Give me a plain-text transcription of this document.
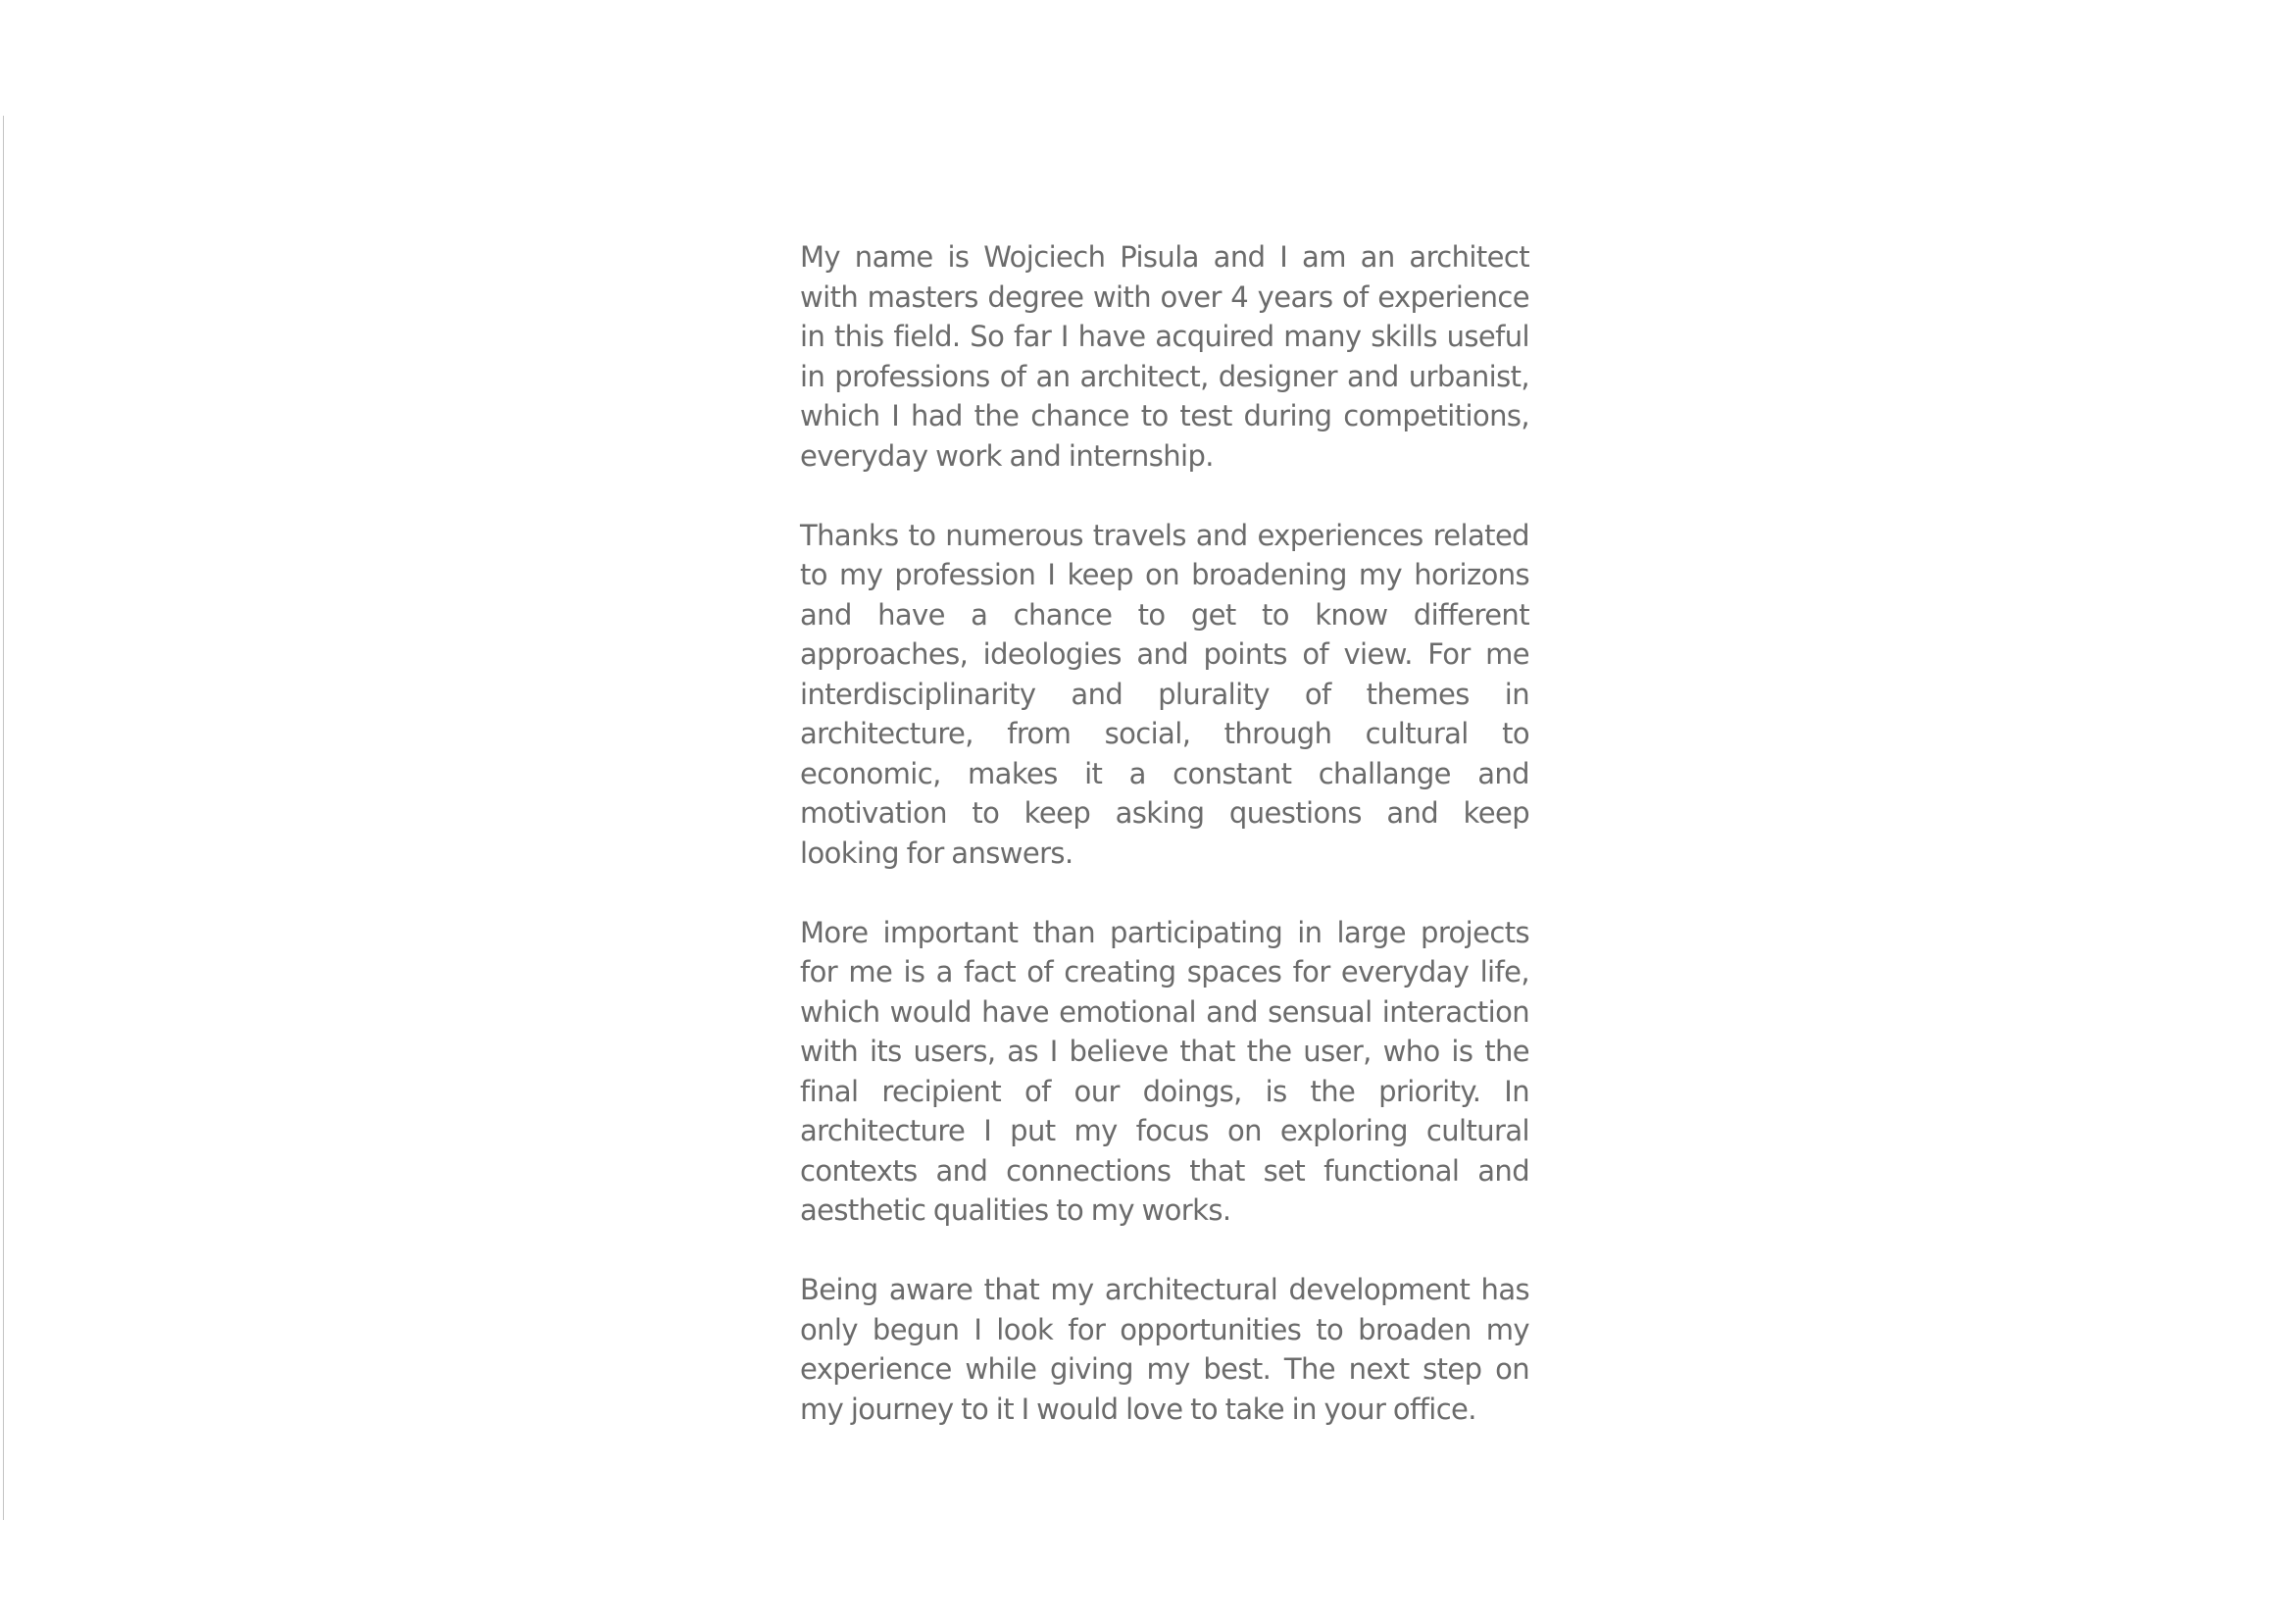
My name is Wojciech Pisula and I am an architect with masters degree with over 4 years of experience in this field. So far I have acquired many skills useful in professions of an architect, designer and urbanist, which I had the chance to test during competitions, everyday work and internship.

Thanks to numerous travels and experiences related to my profession I keep on broadening my horizons and have a chance to get to know different approaches, ideologies and points of view. For me interdisciplinarity and plurality of themes in architecture, from social, through cultural to economic, makes it a constant challange and motivation to keep asking questions and keep looking for answers.

More important than participating in large projects for me is a fact of creating spaces for everyday life, which would have emotional and sensual interaction with its users, as I believe that the user, who is the final recipient of our doings, is the priority. In architecture I put my focus on exploring cultural contexts and connections that set functional and aesthetic qualities to my works.

Being aware that my architectural development has only begun I look for opportunities to broaden my experience while giving my best. The next step on my journey to it I would love to take in your office.
